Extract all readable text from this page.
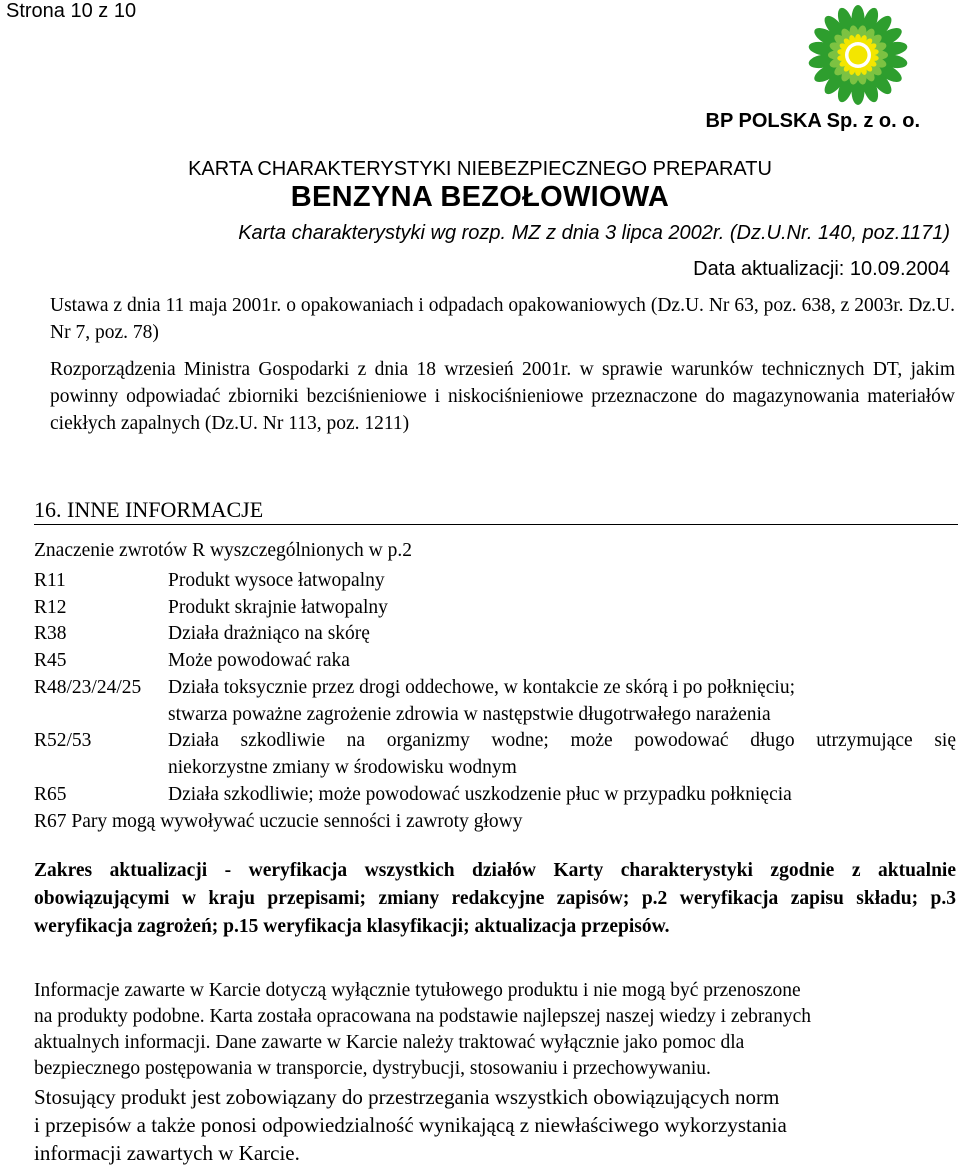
Strona 10 z 10
BP POLSKA Sp. z o. o.
KARTA CHARAKTERYSTYKI NIEBEZPIECZNEGO PREPARATU
BENZYNA BEZOŁOWIOWA
Karta charakterystyki wg rozp. MZ z dnia 3 lipca 2002r. (Dz.U.Nr. 140, poz.1171)
Data aktualizacji: 10.09.2004
Ustawa z dnia 11 maja 2001r. o opakowaniach i odpadach opakowaniowych (Dz.U. Nr 63, poz. 638, z 2003r. Dz.U. Nr 7, poz. 78)
Rozporządzenia Ministra Gospodarki z dnia 18 wrzesień 2001r. w sprawie warunków technicznych DT, jakim powinny odpowiadać zbiorniki bezciśnieniowe i niskociśnieniowe przeznaczone do magazynowania materiałów ciekłych zapalnych (Dz.U. Nr 113, poz. 1211)
16. INNE INFORMACJE
Znaczenie zwrotów R wyszczególnionych w p.2
R11	Produkt wysoce łatwopalny
R12	Produkt skrajnie łatwopalny
R38	Działa drażniąco na skórę
R45	Może powodować raka
R48/23/24/25 Działa toksycznie przez drogi oddechowe, w kontakcie ze skórą i po połknięciu;
stwarza poważne zagrożenie zdrowia w następstwie długotrwałego narażenia
R52/53	Działa szkodliwie na organizmy wodne; może powodować długo utrzymujące się
niekorzystne zmiany w środowisku wodnym
R65	Działa szkodliwie; może powodować uszkodzenie płuc w przypadku połknięcia
R67 Pary mogą wywoływać uczucie senności i zawroty głowy
Zakres aktualizacji - weryfikacja wszystkich działów Karty charakterystyki zgodnie z aktualnie obowiązującymi w kraju przepisami; zmiany redakcyjne zapisów; p.2 weryfikacja zapisu składu; p.3 weryfikacja zagrożeń; p.15 weryfikacja klasyfikacji; aktualizacja przepisów.
Informacje zawarte w Karcie dotyczą wyłącznie tytułowego produktu i nie mogą być przenoszone
na produkty podobne. Karta została opracowana na podstawie najlepszej naszej wiedzy i zebranych
aktualnych informacji. Dane zawarte w Karcie należy traktować wyłącznie jako pomoc dla
bezpiecznego postępowania w transporcie, dystrybucji, stosowaniu i przechowywaniu.
Stosujący produkt jest zobowiązany do przestrzegania wszystkich obowiązujących norm
i przepisów a także ponosi odpowiedzialność wynikającą z niewłaściwego wykorzystania
informacji zawartych w Karcie.
